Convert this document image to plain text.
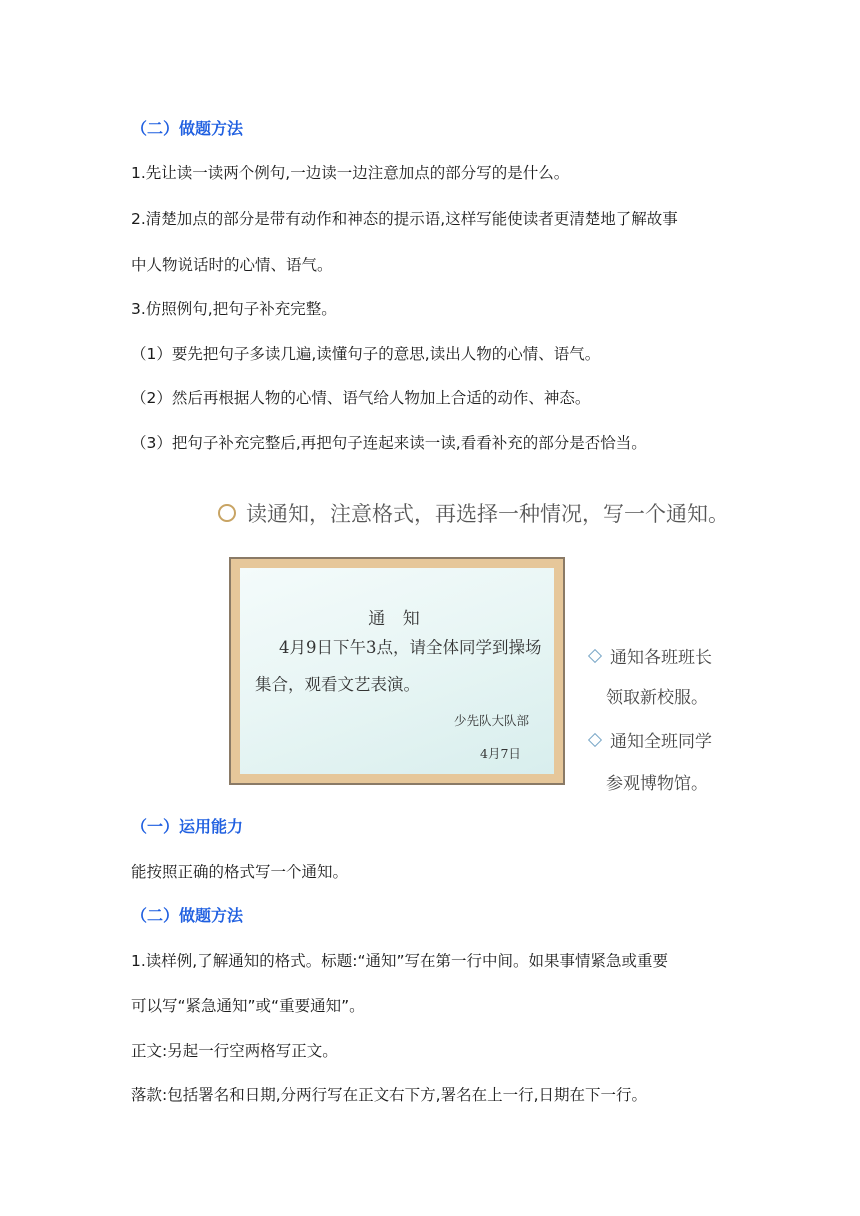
（二）做题方法
1.先让读一读两个例句,一边读一边注意加点的部分写的是什么。
2.清楚加点的部分是带有动作和神态的提示语,这样写能使读者更清楚地了解故事
中人物说话时的心情、语气。
3.仿照例句,把句子补充完整。
（1）要先把句子多读几遍,读懂句子的意思,读出人物的心情、语气。
（2）然后再根据人物的心情、语气给人物加上合适的动作、神态。
（3）把句子补充完整后,再把句子连起来读一读,看看补充的部分是否恰当。
读通知，注意格式，再选择一种情况，写一个通知。
通 知
4月9日下午3点，请全体同学到操场
集合，观看文艺表演。
少先队大队部
4月7日
通知各班班长
领取新校服。
通知全班同学
参观博物馆。
（一）运用能力
能按照正确的格式写一个通知。
（二）做题方法
1.读样例,了解通知的格式。标题:“通知”写在第一行中间。如果事情紧急或重要
可以写“紧急通知”或“重要通知”。
正文:另起一行空两格写正文。
落款:包括署名和日期,分两行写在正文右下方,署名在上一行,日期在下一行。
